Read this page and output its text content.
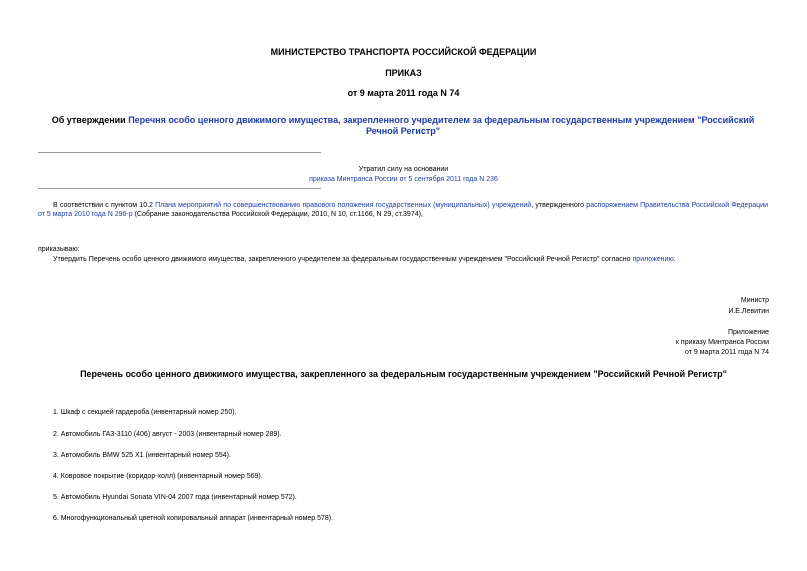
МИНИСТЕРСТВО ТРАНСПОРТА РОССИЙСКОЙ ФЕДЕРАЦИИ
ПРИКАЗ
от 9 марта 2011 года N 74
Об утверждении Перечня особо ценного движимого имущества, закрепленного учредителем за федеральным государственным учреждением "Российский Речной Регистр"
Утратил силу на основании
приказа Минтранса России от 5 сентября 2011 года N 236
В соответствии с пунктом 10.2 Плана мероприятий по совершенствованию правового положения государственных (муниципальных) учреждений, утвержденного распоряжением Правительства Российской Федерации от 5 марта 2010 года N 296-р (Собрание законодательства Российской Федерации, 2010, N 10, ст.1166, N 29, ст.3974),
приказываю:
Утвердить Перечень особо ценного движимого имущества, закрепленного учредителем за федеральным государственным учреждением "Российский Речной Регистр" согласно приложению.
Министр
И.Е.Левитин
Приложение
к приказу Минтранса России
от 9 марта 2011 года N 74
Перечень особо ценного движимого имущества, закрепленного за федеральным государственным учреждением "Российский Речной Регистр"
1. Шкаф с секцией гардероба (инвентарный номер 250).
2. Автомобиль ГАЗ-3110 (406) август - 2003 (инвентарный номер 289).
3. Автомобиль BMW 525 X1 (инвентарный номер 554).
4. Ковровое покрытие (коридор-холл) (инвентарный номер 569).
5. Автомобиль Hyundai Sonata VIN-04 2007 года (инвентарный номер 572).
6. Многофункциональный цветной копировальный аппарат (инвентарный номер 578).
